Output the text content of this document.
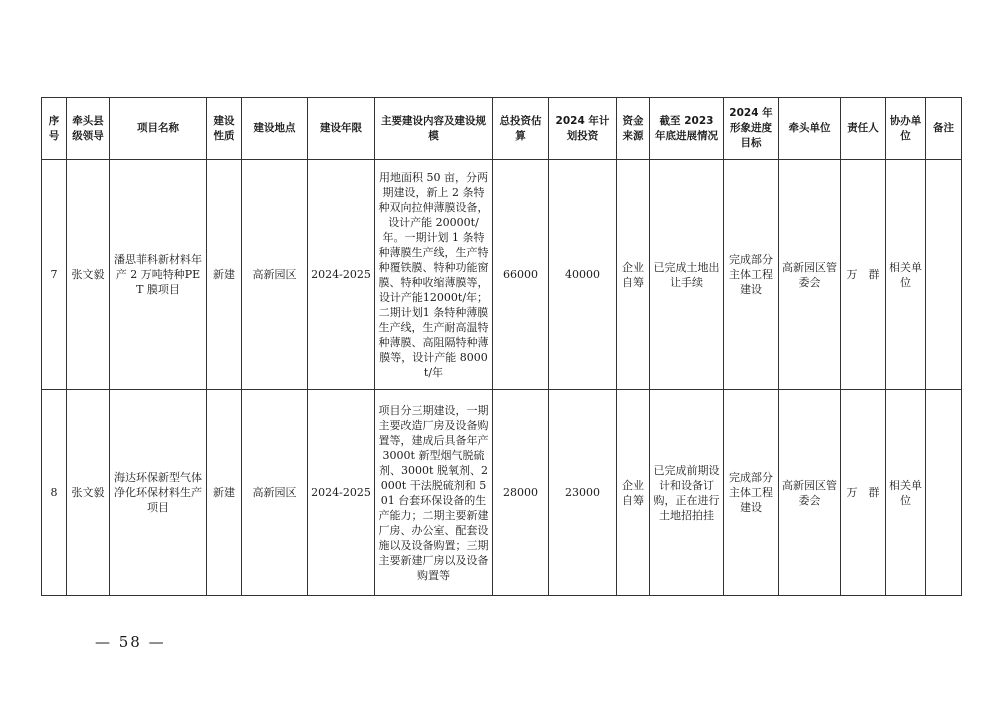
序号	牵头县级领导	项目名称	建设性质	建设地点	建设年限	主要建设内容及建设规模	总投资估算	2024 年计划投资	资金来源	截至 2023 年底进展情况	2024 年形象进度目标	牵头单位	责任人	协办单位	备注
7	张文毅	潘思菲科新材料年产 2 万吨特种PET 膜项目	新建	高新园区	2024-2025	用地面积 50 亩，分两期建设，新上 2 条特种双向拉伸薄膜设备，设计产能 20000t/年。一期计划 1 条特种薄膜生产线，生产特种覆铁膜、特种功能窗膜、特种收缩薄膜等，设计产能12000t/年；二期计划1 条特种薄膜生产线，生产耐高温特种薄膜、高阻隔特种薄膜等，设计产能 8000t/年	66000	40000	企业自筹	已完成土地出让手续	完成部分主体工程建设	高新园区管委会	万　群	相关单位	
8	张文毅	海达环保新型气体净化环保材料生产项目	新建	高新园区	2024-2025	项目分三期建设，一期主要改造厂房及设备购置等，建成后具备年产 3000t 新型烟气脱硫剂、3000t 脱氧剂、2000t 干法脱硫剂和 501 台套环保设备的生产能力；二期主要新建厂房、办公室、配套设施以及设备购置；三期主要新建厂房以及设备购置等	28000	23000	企业自筹	已完成前期设计和设备订购，正在进行土地招拍挂	完成部分主体工程建设	高新园区管委会	万　群	相关单位	
— 58 —
